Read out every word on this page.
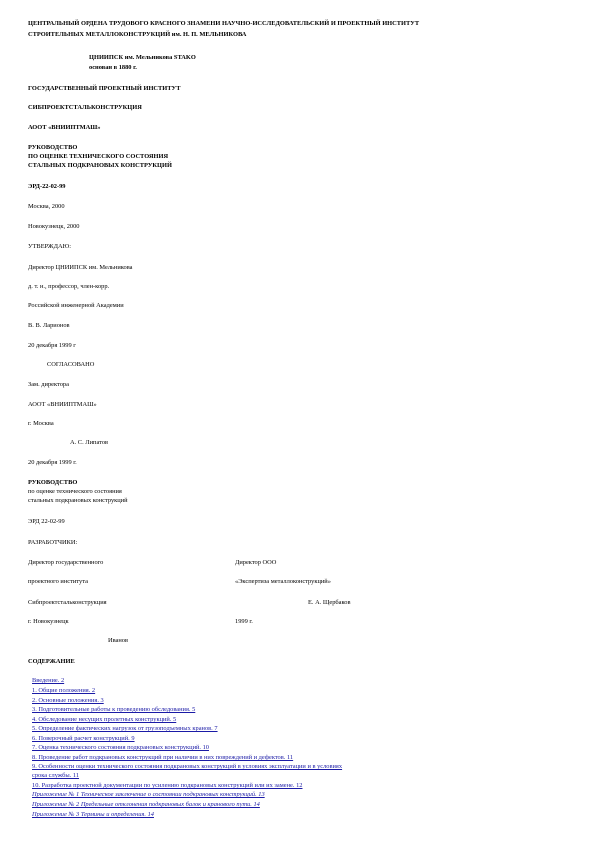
ЦЕНТРАЛЬНЫЙ ОРДЕНА ТРУДОВОГО КРАСНОГО ЗНАМЕНИ НАУЧНО-ИССЛЕДОВАТЕЛЬСКИЙ И ПРОЕКТНЫЙ ИНСТИТУТ
СТРОИТЕЛЬНЫХ МЕТАЛЛОКОНСТРУКЦИЙ им. Н. П. МЕЛЬНИКОВА
ЦНИИПСК им. Мельникова STAKO
основан в 1880 г.
ГОСУДАРСТВЕННЫЙ ПРОЕКТНЫЙ ИНСТИТУТ
СИБПРОЕКТСТАЛЬКОНСТРУКЦИЯ
АООТ «ВНИИПТМАШ»
РУКОВОДСТВО
ПО ОЦЕНКЕ ТЕХНИЧЕСКОГО СОСТОЯНИЯ
СТАЛЬНЫХ ПОДКРАНОВЫХ КОНСТРУКЦИЙ
ЭРД-22-02-99
Москва, 2000
Новокузнецк, 2000
УТВЕРЖДАЮ:
Директор ЦНИИПСК им. Мельникова
д. т. н., профессор, член-корр.
Российской инженерной Академии
В. В. Ларионов
20 декабря 1999 г
СОГЛАСОВАНО
Зам. директора
АООТ «ВНИИПТМАШ»
г. Москва
А. С. Липатов
20 декабря 1999 г.
РУКОВОДСТВО
по оценке технического состояния
стальных подкрановых конструкций
ЭРД 22-02-99
РАЗРАБОТЧИКИ:
Директор государственного	Директор ООО
проектного института	«Экспертиза металлоконструкций»
Сибпроектстальконструкция	Е. А. Щербаков
г. Новокузнецк	1999 г.
Иванов
СОДЕРЖАНИЕ
Введение. 2
1. Общие положения. 2
2. Основные положения. 3
3. Подготовительные работы к проведению обследования. 5
4. Обследование несущих пролетных конструкций. 5
5. Определение фактических нагрузок от грузоподъемных кранов. 7
6. Поверочный расчет конструкций. 9
7. Оценка технического состояния подкрановых конструкций. 10
8. Проведение работ подкрановых конструкций при наличии в них повреждений и дефектов. 11
9. Особенности оценки технического состояния подкрановых конструкций в условиях эксплуатации и в условиях
срока службы. 11
10. Разработка проектной документации по усилению подкрановых конструкций или их замене. 12
Приложение № 1 Техническое заключение о состоянии подкрановых конструкций. 13
Приложение № 2 Предельные отклонения подкрановых балок и кранового пути. 14
Приложение № 3 Термины и определения. 14
